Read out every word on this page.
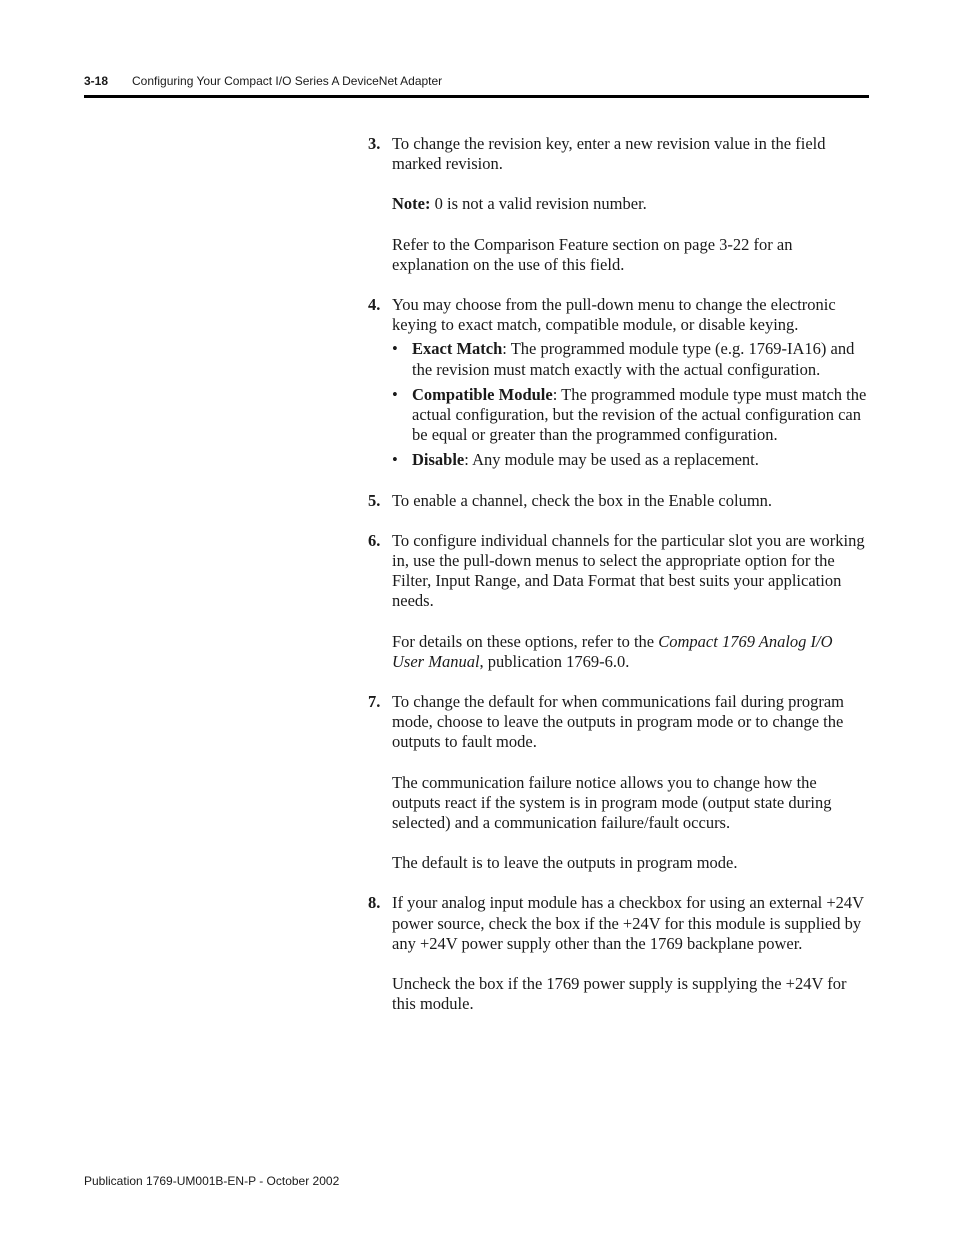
3-18 Configuring Your Compact I/O Series A DeviceNet Adapter
3. To change the revision key, enter a new revision value in the field marked revision.

Note: 0 is not a valid revision number.

Refer to the Comparison Feature section on page 3-22 for an explanation on the use of this field.

4. You may choose from the pull-down menu to change the electronic keying to exact match, compatible module, or disable keying.

• Exact Match: The programmed module type (e.g. 1769-IA16) and the revision must match exactly with the actual configuration.
• Compatible Module: The programmed module type must match the actual configuration, but the revision of the actual configuration can be equal or greater than the programmed configuration.
• Disable: Any module may be used as a replacement.
5. To enable a channel, check the box in the Enable column.

6. To configure individual channels for the particular slot you are working in, use the pull-down menus to select the appropriate option for the Filter, Input Range, and Data Format that best suits your application needs.

For details on these options, refer to the Compact 1769 Analog I/O User Manual, publication 1769-6.0.

7. To change the default for when communications fail during program mode, choose to leave the outputs in program mode or to change the outputs to fault mode.

The communication failure notice allows you to change how the outputs react if the system is in program mode (output state during selected) and a communication failure/fault occurs.

The default is to leave the outputs in program mode.

8. If your analog input module has a checkbox for using an external +24V power source, check the box if the +24V for this module is supplied by any +24V power supply other than the 1769 backplane power.

Uncheck the box if the 1769 power supply is supplying the +24V for this module.

Publication 1769-UM001B-EN-P - October 2002
